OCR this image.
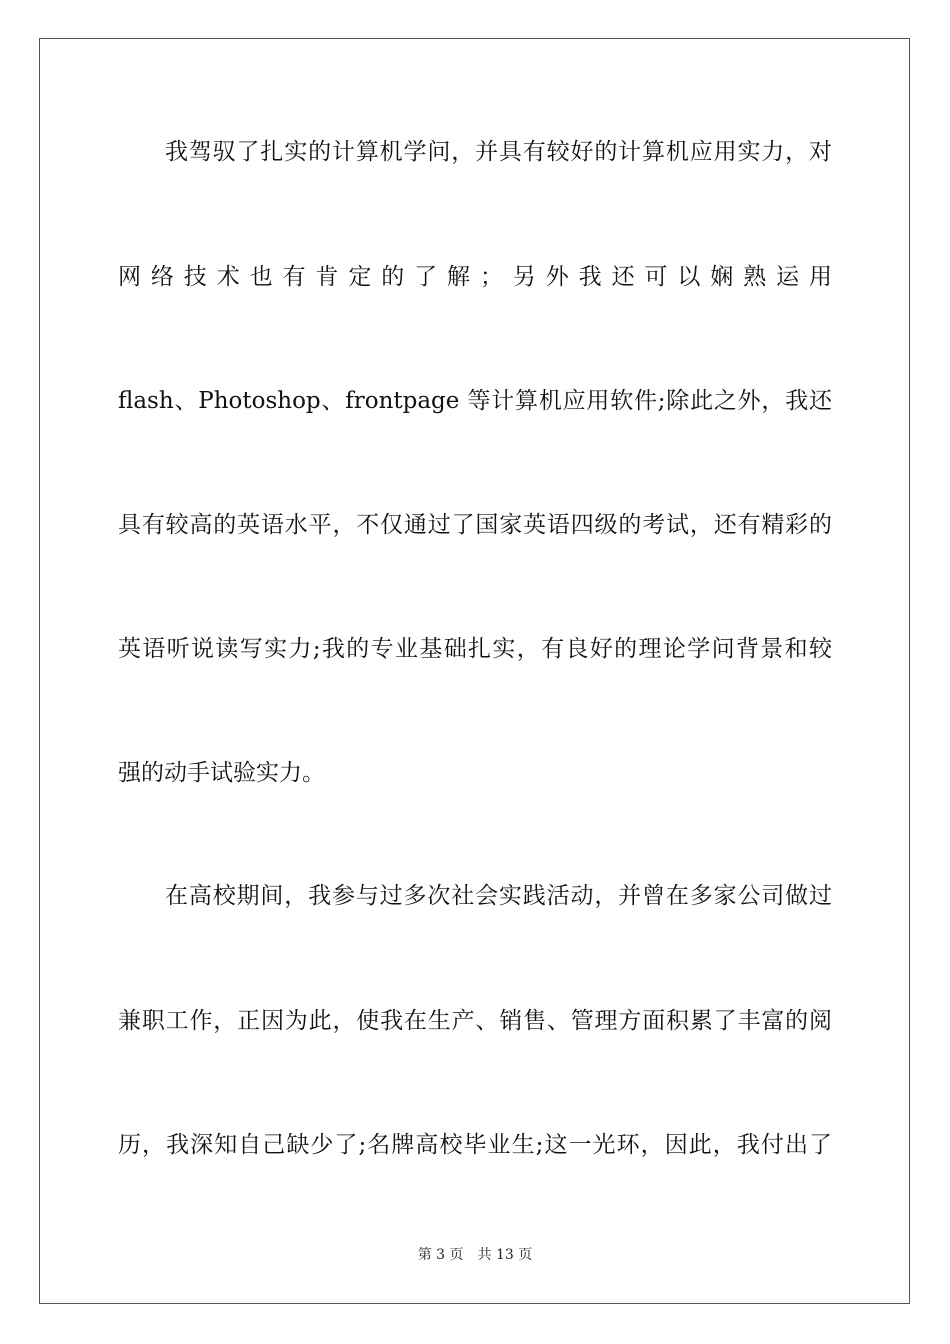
我驾驭了扎实的计算机学问，并具有较好的计算机应用实力，对
网络技术也有肯定的了解；另外我还可以娴熟运用
flash、Photoshop、frontpage 等计算机应用软件;除此之外，我还
具有较高的英语水平，不仅通过了国家英语四级的考试，还有精彩的
英语听说读写实力;我的专业基础扎实，有良好的理论学问背景和较
强的动手试验实力。
在高校期间，我参与过多次社会实践活动，并曾在多家公司做过
兼职工作，正因为此，使我在生产、销售、管理方面积累了丰富的阅
历，我深知自己缺少了;名牌高校毕业生;这一光环，因此，我付出了
第 3 页 共 13 页
